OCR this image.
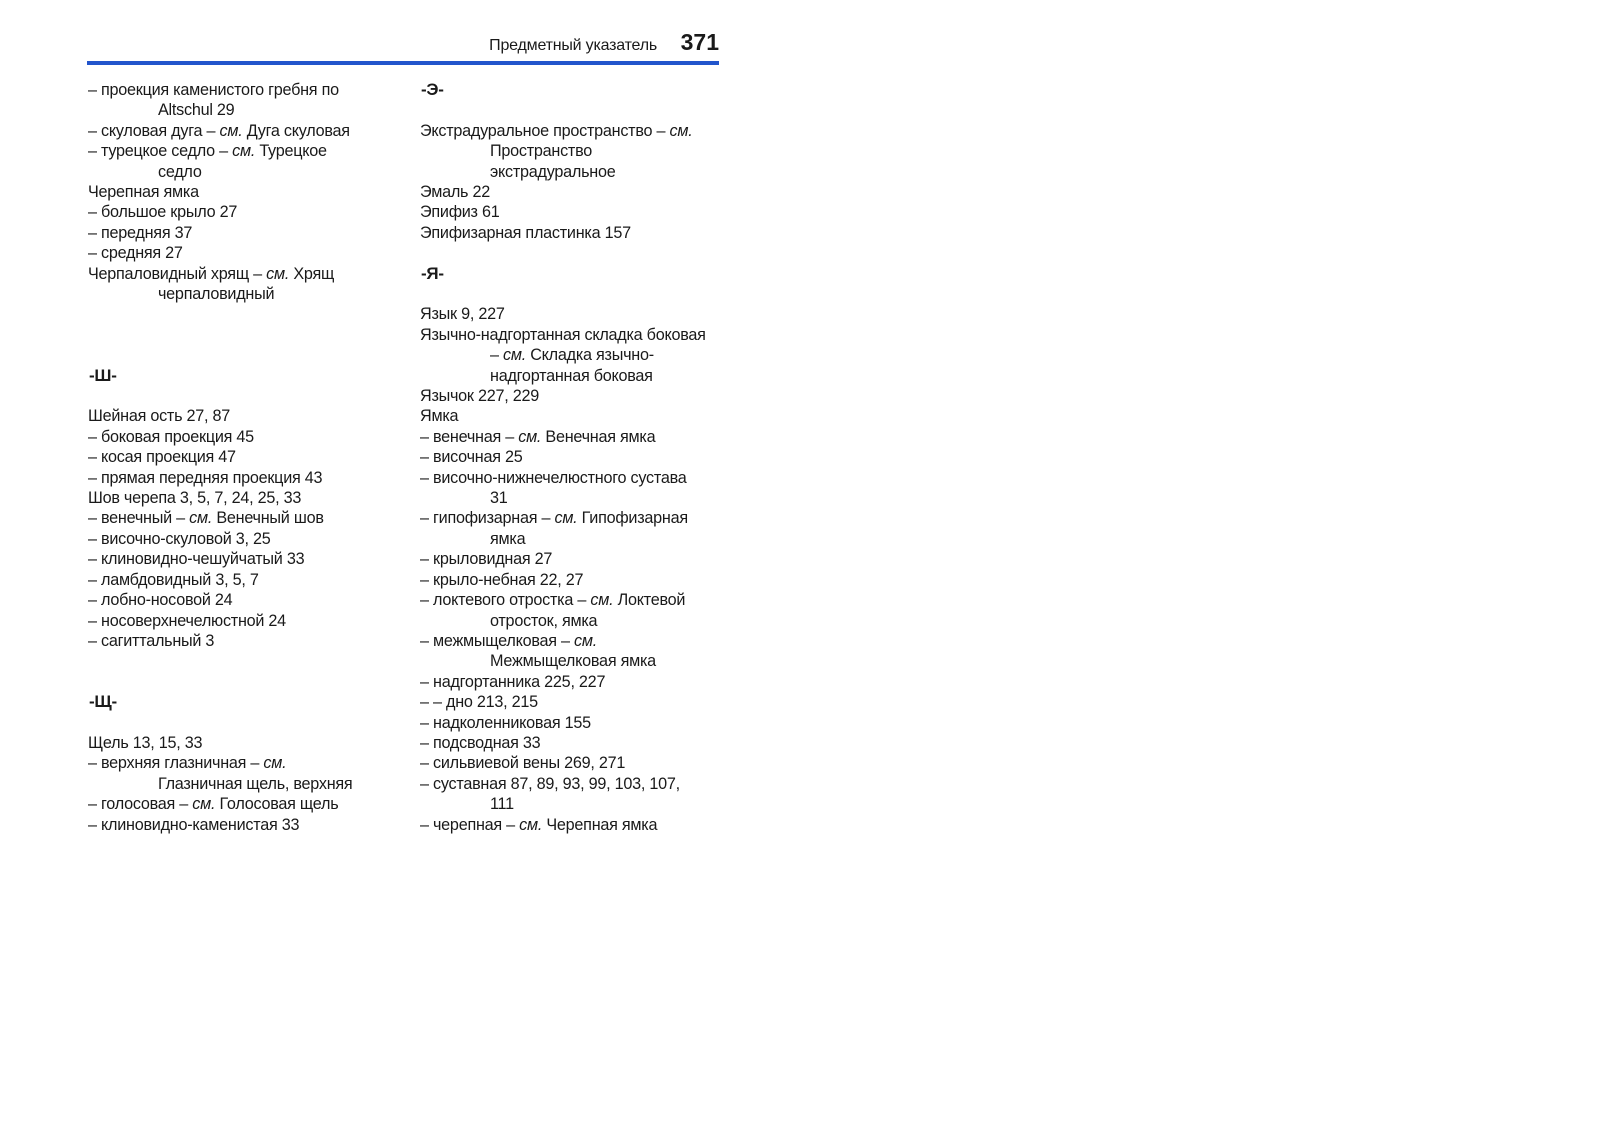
Предметный указатель 371
– проекция каменистого гребня по
Altschul 29
– скуловая дуга – см. Дуга скуловая
– турецкое седло – см. Турецкое
седло
Черепная ямка
– большое крыло 27
– передняя 37
– средняя 27
Черпаловидный хрящ – см. Хрящ
черпаловидный
-Ш-
Шейная ость 27, 87
– боковая проекция 45
– косая проекция 47
– прямая передняя проекция 43
Шов черепа 3, 5, 7, 24, 25, 33
– венечный – см. Венечный шов
– височно-скуловой 3, 25
– клиновидно-чешуйчатый 33
– ламбдовидный 3, 5, 7
– лобно-носовой 24
– носоверхнечелюстной 24
– сагиттальный 3
-Щ-
Щель 13, 15, 33
– верхняя глазничная – см.
Глазничная щель, верхняя
– голосовая – см. Голосовая щель
– клиновидно-каменистая 33
-Э-
Экстрадуральное пространство – см.
Пространство
экстрадуральное
Эмаль 22
Эпифиз 61
Эпифизарная пластинка 157
-Я-
Язык 9, 227
Язычно-надгортанная складка боковая
– см. Складка язычно-
надгортанная боковая
Язычок 227, 229
Ямка
– венечная – см. Венечная ямка
– височная 25
– височно-нижнечелюстного сустава
31
– гипофизарная – см. Гипофизарная
ямка
– крыловидная 27
– крыло-небная 22, 27
– локтевого отростка – см. Локтевой
отросток, ямка
– межмыщелковая – см.
Межмыщелковая ямка
– надгортанника 225, 227
– – дно 213, 215
– надколенниковая 155
– подсводная 33
– сильвиевой вены 269, 271
– суставная 87, 89, 93, 99, 103, 107,
111
– черепная – см. Черепная ямка
